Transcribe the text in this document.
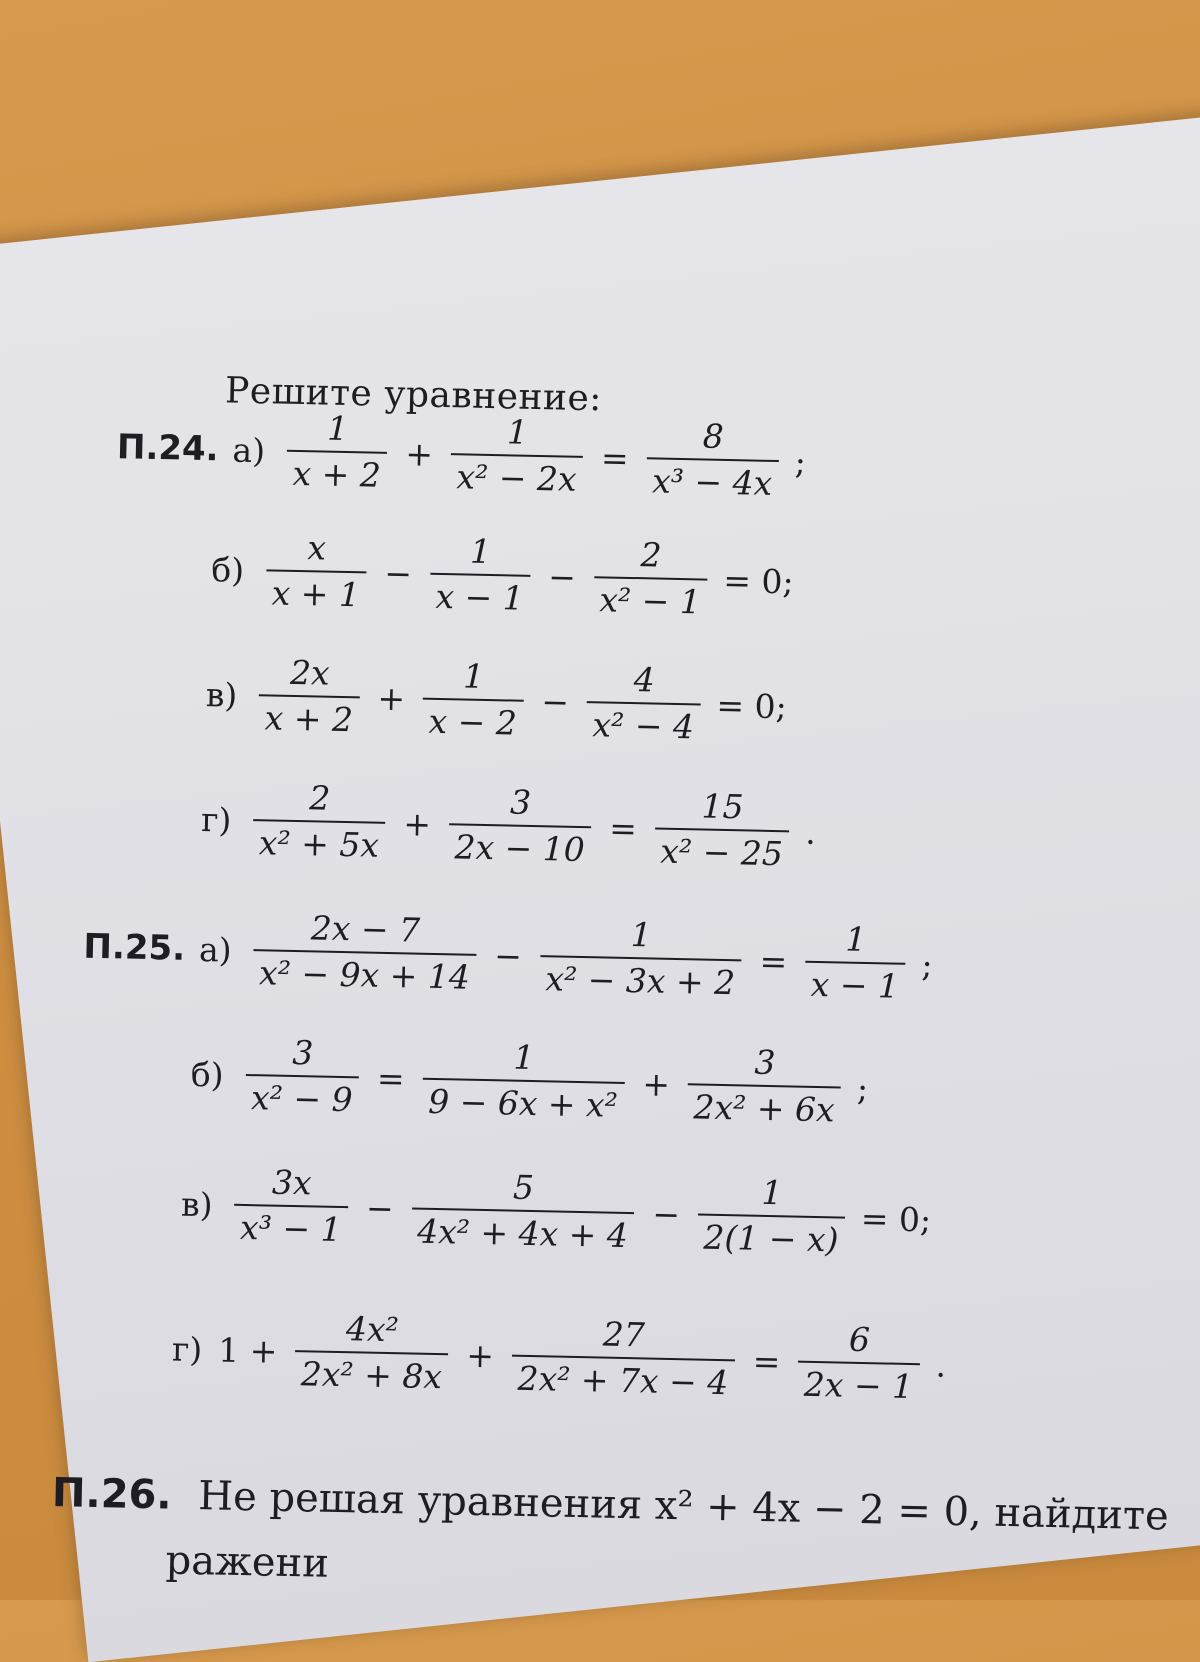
Решите уравнение:
П.24. $а) \frac{1}{x + 2} + \frac{1}{\text{x² − 2x}} = \frac{8}{\text{x³ − 4x}}$ ;
$б) \frac{x}{x + 1} - \frac{1}{x - 1} - \frac{2}{\text{x² − 1}} = 0$;
$в) \frac{2x}{x + 2} + \frac{1}{x - 2} - \frac{4}{\text{x² − 4}} = 0$;
$г) \frac{2}{\text{x² + 5x}} + \frac{3}{2x - 10} = \frac{15}{\text{x² − 25}}$ .
П.25. $а) \frac{2x - 7}{\text{x² − 9x + 14}} - \frac{1}{\text{x² − 3x + 2}} = \frac{1}{x - 1}$ ;
$б) \frac{3}{\text{x² − 9}} = \frac{1}{\text{9 − 6x + x²}} + \frac{3}{\text{2x² + 6x}}$ ;
$в) \frac{3x}{\text{x³ − 1}} - \frac{5}{\text{4x² + 4x + 4}} - \frac{1}{2(1 - x)} = 0$;
г) $1 + \frac{\text{4x²}}{\text{2x² + 8x}} + \frac{27}{\text{2x² + 7x − 4}} = \frac{6}{2x - 1}$ .
П.26. Не решая уравнения x² + 4x − 2 = 0, найдите
ражени
